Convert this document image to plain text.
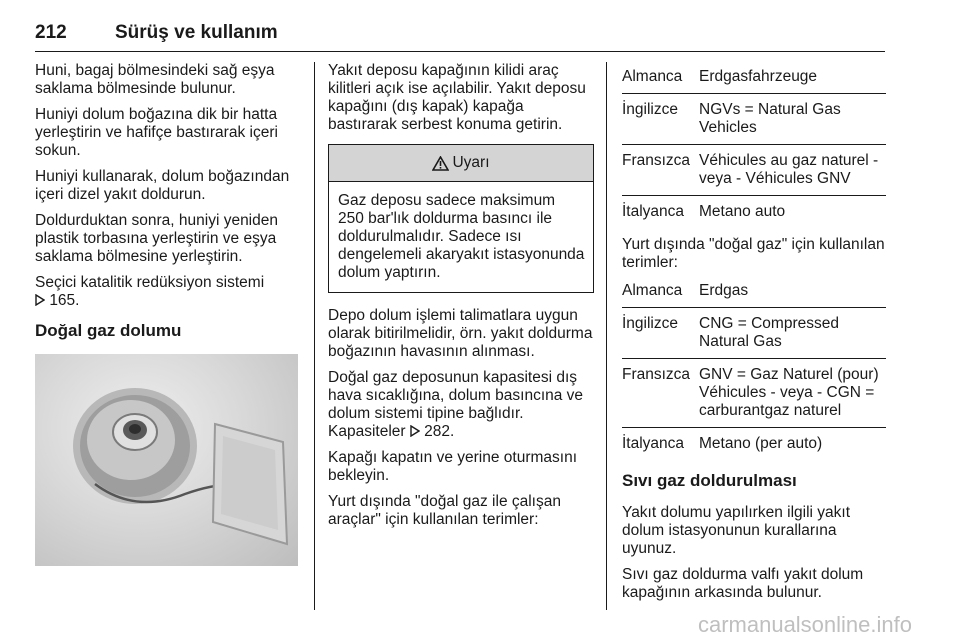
212	Sürüş ve kullanım

Huni, bagaj bölmesindeki sağ eşya saklama bölmesinde bulunur.

Huniyi dolum boğazına dik bir hatta yerleştirin ve hafifçe bastırarak içeri sokun.

Huniyi kullanarak, dolum boğazından içeri dizel yakıt doldurun.

Doldurduktan sonra, huniyi yeniden plastik torbasına yerleştirin ve eşya saklama bölmesine yerleştirin.

Seçici katalitik redüksiyon sistemi
165.

Doğal gaz dolumu

Yakıt deposu kapağının kilidi araç kilitleri açık ise açılabilir. Yakıt deposu kapağını (dış kapak) kapağa bastırarak serbest konuma getirin.

Uyarı
Gaz deposu sadece maksimum 250 bar'lık doldurma basıncı ile doldurulmalıdır. Sadece ısı dengelemeli akaryakıt istasyonunda dolum yaptırın.

Depo dolum işlemi talimatlara uygun olarak bitirilmelidir, örn. yakıt doldurma boğazının havasının alınması.

Doğal gaz deposunun kapasitesi dış hava sıcaklığına, dolum basıncına ve dolum sistemi tipine bağlıdır. Kapasiteler 282.

Kapağı kapatın ve yerine oturmasını bekleyin.

Yurt dışında "doğal gaz ile çalışan araçlar" için kullanılan terimler:

Almanca	Erdgasfahrzeuge
İngilizce	NGVs = Natural Gas Vehicles
Fransızca	Véhicules au gaz naturel - veya - Véhicules GNV
İtalyanca	Metano auto

Yurt dışında "doğal gaz" için kullanılan terimler:

Almanca	Erdgas
İngilizce	CNG = Compressed Natural Gas
Fransızca	GNV = Gaz Naturel (pour) Véhicules - veya - CGN = carburantgaz naturel
İtalyanca	Metano (per auto)
Sıvı gaz doldurulması

Yakıt dolumu yapılırken ilgili yakıt dolum istasyonunun kurallarına uyunuz.

Sıvı gaz doldurma valfı yakıt dolum kapağının arkasında bulunur.

carmanualsonline.info
